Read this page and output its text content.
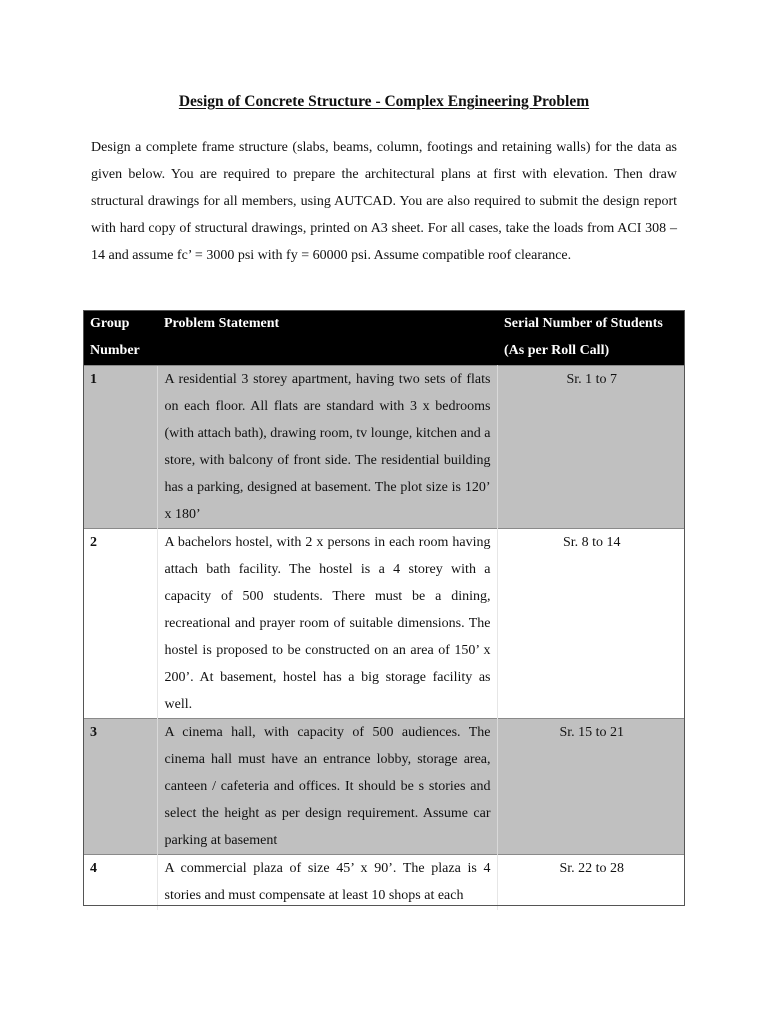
Design of Concrete Structure - Complex Engineering Problem

Design a complete frame structure (slabs, beams, column, footings and retaining walls) for the data as given below. You are required to prepare the architectural plans at first with elevation. Then draw structural drawings for all members, using AUTCAD. You are also required to submit the design report with hard copy of structural drawings, printed on A3 sheet. For all cases, take the loads from ACI 308 – 14 and assume fc’ = 3000 psi with fy = 60000 psi. Assume compatible roof clearance.

Group Number	Problem Statement	Serial Number of Students (As per Roll Call)
1	A residential 3 storey apartment, having two sets of flats on each floor. All flats are standard with 3 x bedrooms (with attach bath), drawing room, tv lounge, kitchen and a store, with balcony of front side. The residential building has a parking, designed at basement. The plot size is 120’ x 180’	Sr. 1 to 7
2	A bachelors hostel, with 2 x persons in each room having attach bath facility. The hostel is a 4 storey with a capacity of 500 students. There must be a dining, recreational and prayer room of suitable dimensions. The hostel is proposed to be constructed on an area of 150’ x 200’. At basement, hostel has a big storage facility as well.	Sr. 8 to 14
3	A cinema hall, with capacity of 500 audiences. The cinema hall must have an entrance lobby, storage area, canteen / cafeteria and offices. It should be s stories and select the height as per design requirement. Assume car parking at basement	Sr. 15 to 21
4	A commercial plaza of size 45’ x 90’. The plaza is 4 stories and must compensate at least 10 shops at each	Sr. 22 to 28
